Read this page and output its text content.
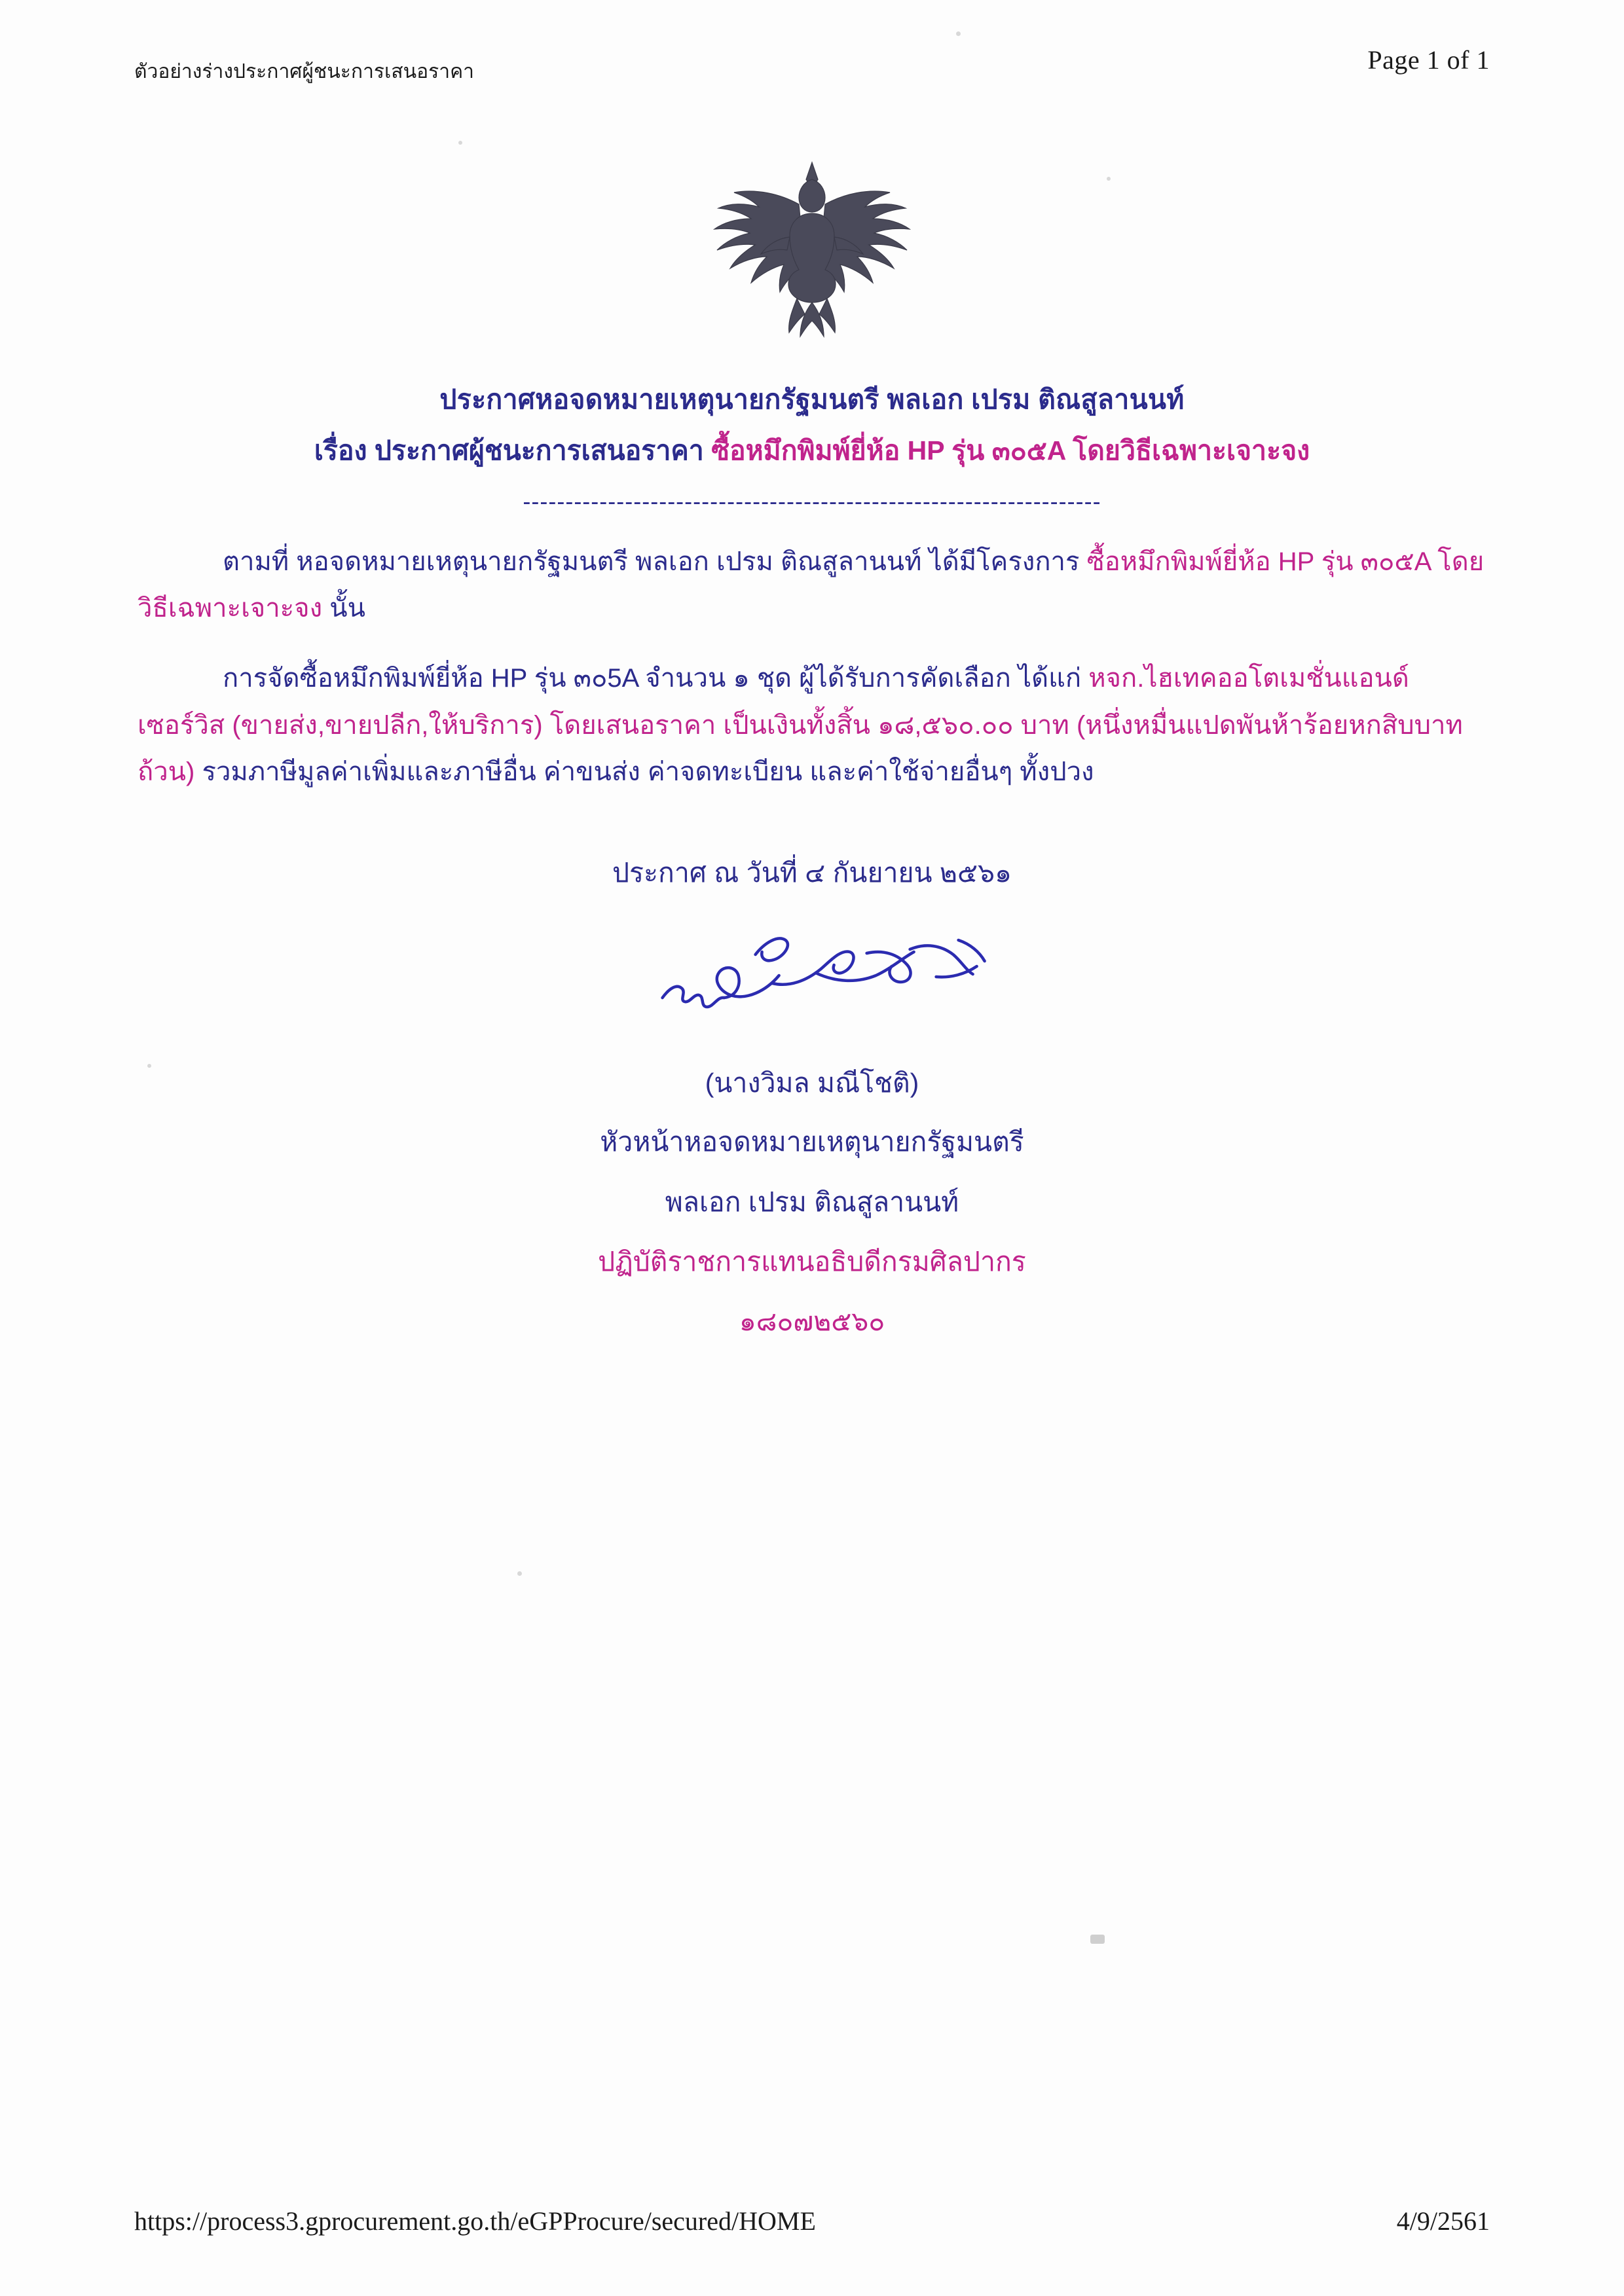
ตัวอย่างร่างประกาศผู้ชนะการเสนอราคา	Page 1 of 1
ประกาศหอจดหมายเหตุนายกรัฐมนตรี พลเอก เปรม ติณสูลานนท์
เรื่อง ประกาศผู้ชนะการเสนอราคา ซื้อหมึกพิมพ์ยี่ห้อ HP รุ่น ๓๐๕A โดยวิธีเฉพาะเจาะจง
--------------------------------------------------------------------
ตามที่ หอจดหมายเหตุนายกรัฐมนตรี พลเอก เปรม ติณสูลานนท์ ได้มีโครงการ ซื้อหมึกพิมพ์ยี่ห้อ HP รุ่น ๓๐๕A โดยวิธีเฉพาะเจาะจง นั้น
การจัดซื้อหมึกพิมพ์ยี่ห้อ HP รุ่น ๓๐5A จำนวน ๑ ชุด ผู้ได้รับการคัดเลือก ได้แก่ หจก.ไฮเทคออโตเมชั่นแอนด์เซอร์วิส (ขายส่ง,ขายปลีก,ให้บริการ) โดยเสนอราคา เป็นเงินทั้งสิ้น ๑๘,๕๖๐.๐๐ บาท (หนึ่งหมื่นแปดพันห้าร้อยหกสิบบาทถ้วน) รวมภาษีมูลค่าเพิ่มและภาษีอื่น ค่าขนส่ง ค่าจดทะเบียน และค่าใช้จ่ายอื่นๆ ทั้งปวง
ประกาศ ณ วันที่ ๔ กันยายน ๒๕๖๑
(นางวิมล มณีโชติ)
หัวหน้าหอจดหมายเหตุนายกรัฐมนตรี
พลเอก เปรม ติณสูลานนท์
ปฏิบัติราชการแทนอธิบดีกรมศิลปากร
๑๘๐๗๒๕๖๐
https://process3.gprocurement.go.th/eGPProcure/secured/HOME	4/9/2561
